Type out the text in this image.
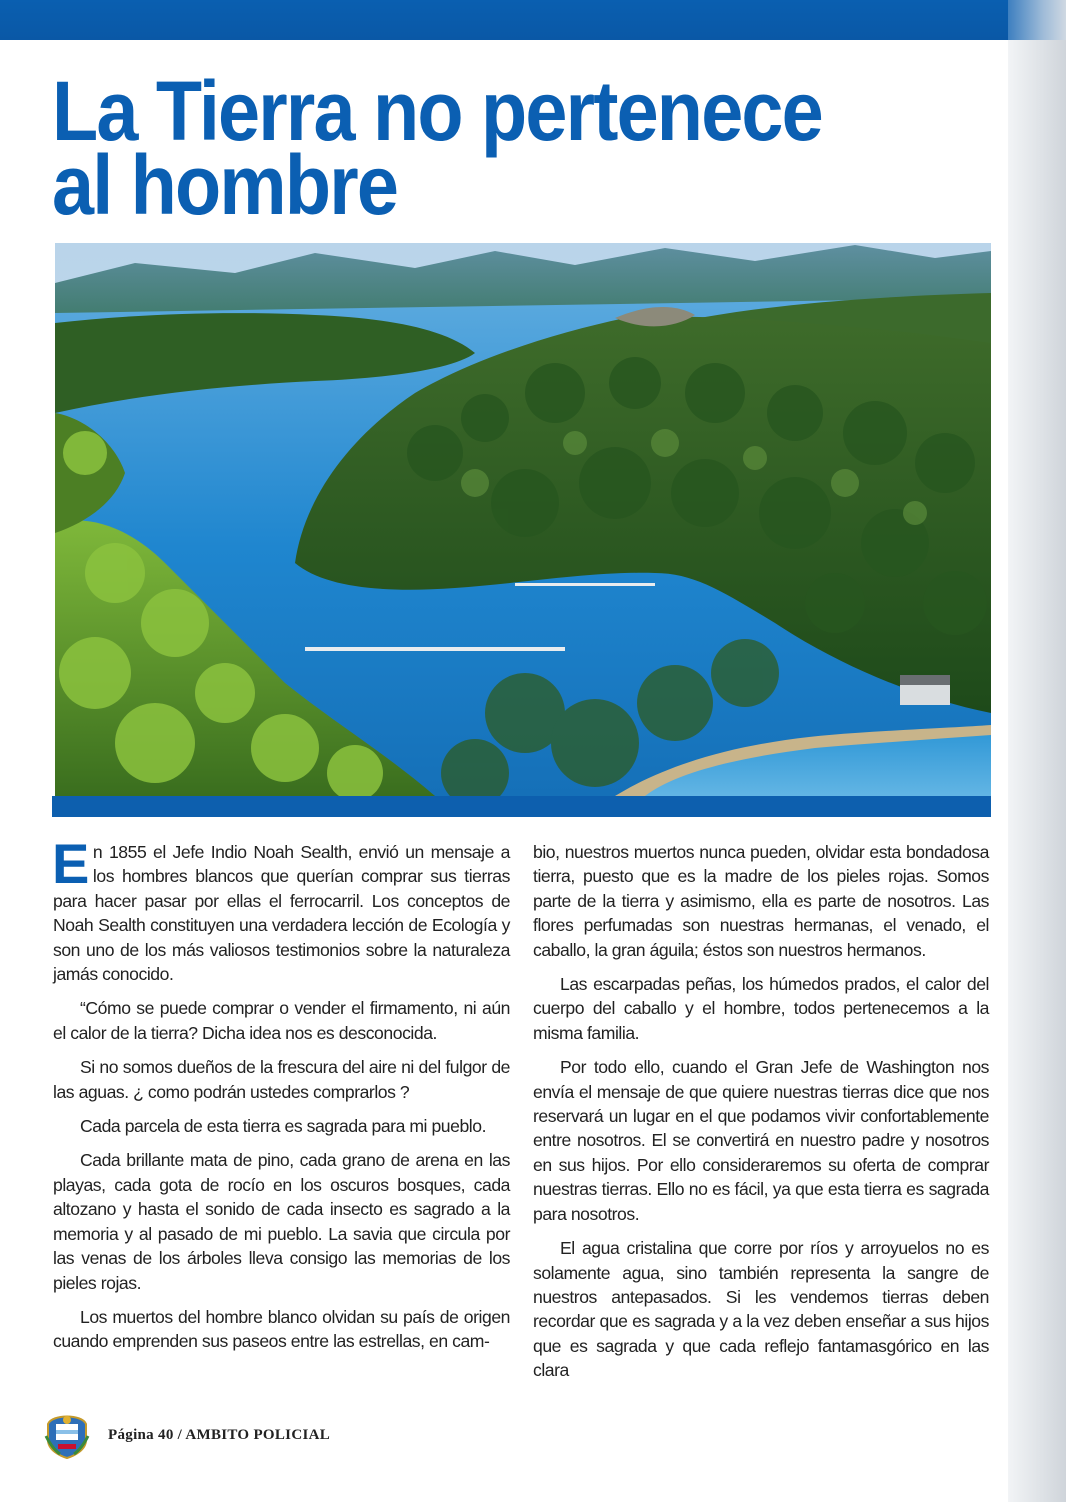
La Tierra no pertenece
al hombre

En 1855 el Jefe Indio Noah Sealth, envió un mensaje a los hombres blancos que querían comprar sus tierras para hacer pasar por ellas el ferrocarril. Los conceptos de Noah Sealth constituyen una verdadera lección de Ecología y son uno de los más valiosos testimonios sobre la naturaleza jamás conocido.

“Cómo se puede comprar o vender el firmamento, ni aún el calor de la tierra? Dicha idea nos es desconocida.

Si no somos dueños de la frescura del aire ni del fulgor de las aguas. ¿ como podrán ustedes comprarlos ?

Cada parcela de esta tierra es sagrada para mi pueblo.

Cada brillante mata de pino, cada grano de arena en las playas, cada gota de rocío en los oscuros bosques, cada altozano y hasta el sonido de cada insecto es sagrado a la memoria y al pasado de mi pueblo. La savia que circula por las venas de los árboles lleva consigo las memorias de los pieles rojas.

Los muertos del hombre blanco olvidan su país de origen cuando emprenden sus paseos entre las estrellas, en cam-

bio, nuestros muertos nunca pueden, olvidar esta bondadosa tierra, puesto que es la madre de los pieles rojas. Somos parte de la tierra y asimismo, ella es parte de nosotros. Las flores perfumadas son nuestras hermanas, el venado, el caballo, la gran águila; éstos son nuestros hermanos.

Las escarpadas peñas, los húmedos prados, el calor del cuerpo del caballo y el hombre, todos pertenecemos a la misma familia.

Por todo ello, cuando el Gran Jefe de Washington nos envía el mensaje de que quiere nuestras tierras dice que nos reservará un lugar en el que podamos vivir confortablemente entre nosotros. El se convertirá en nuestro padre y nosotros en sus hijos. Por ello consideraremos su oferta de comprar nuestras tierras. Ello no es fácil, ya que esta tierra es sagrada para nosotros.

El agua cristalina que corre por ríos y arroyuelos no es solamente agua, sino también representa la sangre de nuestros antepasados. Si les vendemos tierras deben recordar que es sagrada y a la vez deben enseñar a sus hijos que es sagrada y que cada reflejo fantamasgórico en las clara

Página 40 / AMBITO POLICIAL
